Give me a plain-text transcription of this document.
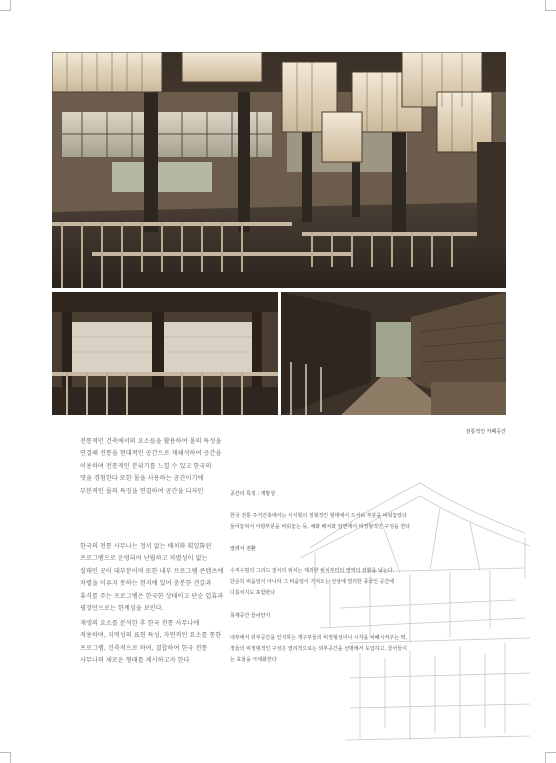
전통적인 카페공간

전통적인 건축에서의 요소들을 활용하여 몰의 특성을

연결해 전통을 현대적인 공간으로 재해석하여 공간을

이용하며 전통적인 분위기를 느낄 수 있고 한국의

멋을 경험한다 또한 몰을 사용하는 공간이기에

부분적인 몰의 특징을 연결하여 공간을 디자인

한국의 전통 사무나는 정서 없는 배치와 획일화된

프로그램으로 운영되어 난립하고 차별성이 없는

실태인 곳이 대부분이며 또한 내부 프로그램 콘텐츠에

차별을 이루지 못하는 현저에 있어 충분한 견갈과

휴식를 주는 프로그램은 한국한 상태이고 단순 입휴과

필장만으로는 한계성을 보인다.

재생의 요소를 분석한 후 한국 전통 사무나에

적용하며, 지역성의 표현 특성, 자연적인 요소를 통한

프로그램, 건축적으로 하여, 결합하여 한국 전통

사무나의 새로운 형태를 제시하고자 한다

공간의 특징 : 개방성

한국 전통 주거건축에서는 시식형의 정형적인 형태에서 으서티 부분을 비워놓았다

둘어놓쳐서 아방부분을 비워놓는 등, 채와 배치와 암면에서 비정형적인 구성을 한다

열려서 전환

수직수평의 그리드 질서의 위치는 재괴한 위치부터의 영역의 전환을 낳는다.

단순히 비움임이 아니라 그 비움임이 가져오는 선상에 열리한 종국인 공간에

다름치지도 포함한다

목재공간 끌어안기

내부에서 외부공간을 인지하는 개구부들의 비정형성이나 시각을 차폐시켜주는 벽,

정들의 비정형적인 구성은 열리적으로는 외부공간을 선명해서 도입하고, 끌어들이

는 효율을 극대화한다
